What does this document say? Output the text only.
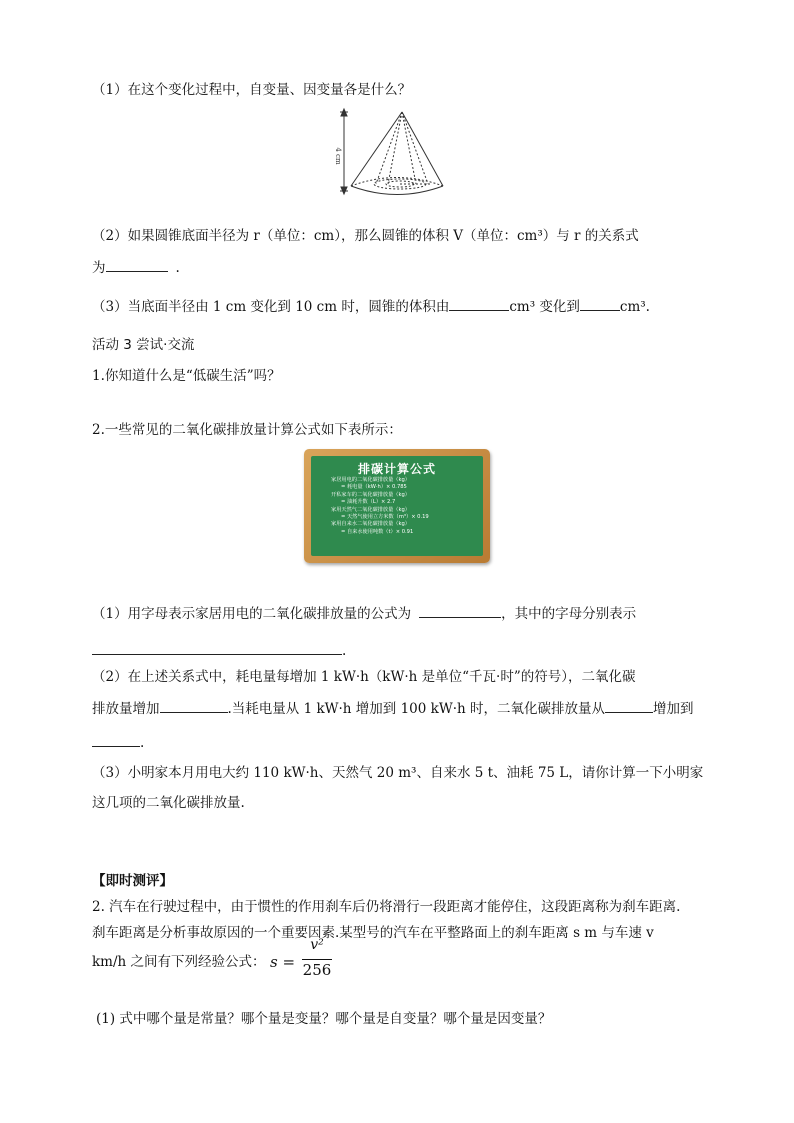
（1）在这个变化过程中，自变量、因变量各是什么？
4 cm
（2）如果圆锥底面半径为 r（单位：cm），那么圆锥的体积 V（单位：cm³）与 r 的关系式
为	.
（3）当底面半径由 1 cm 变化到 10 cm 时，圆锥的体积由	cm³ 变化到	cm³.
活动 3 尝试·交流
1.你知道什么是“低碳生活”吗？
2.一些常见的二氧化碳排放量计算公式如下表所示：
排碳计算公式
家居用电的二氧化碳排放量（kg）
= 耗电量（kW·h）× 0.785
开私家车的二氧化碳排放量（kg）
= 油耗升数（L）× 2.7
家用天然气二氧化碳排放量（kg）
= 天然气使用立方米数（m³）× 0.19
家用自来水二氧化碳排放量（kg）
= 自来水使用吨数（t）× 0.91
（1）用字母表示家居用电的二氧化碳排放量的公式为	，其中的字母分别表示
.
（2）在上述关系式中，耗电量每增加 1 kW·h（kW·h 是单位“千瓦·时”的符号），二氧化碳
排放量增加	.当耗电量从 1 kW·h 增加到 100 kW·h 时，二氧化碳排放量从	增加到
.
（3）小明家本月用电大约 110 kW·h、天然气 20 m³、自来水 5 t、油耗 75 L，请你计算一下小明家
这几项的二氧化碳排放量.
【即时测评】
2. 汽车在行驶过程中，由于惯性的作用刹车后仍将滑行一段距离才能停住，这段距离称为刹车距离.
刹车距离是分析事故原因的一个重要因素.某型号的汽车在平整路面上的刹车距离 s m 与车速 v
km/h 之间有下列经验公式： s =
v²
256
(1) 式中哪个量是常量？哪个量是变量？哪个量是自变量？哪个量是因变量？
